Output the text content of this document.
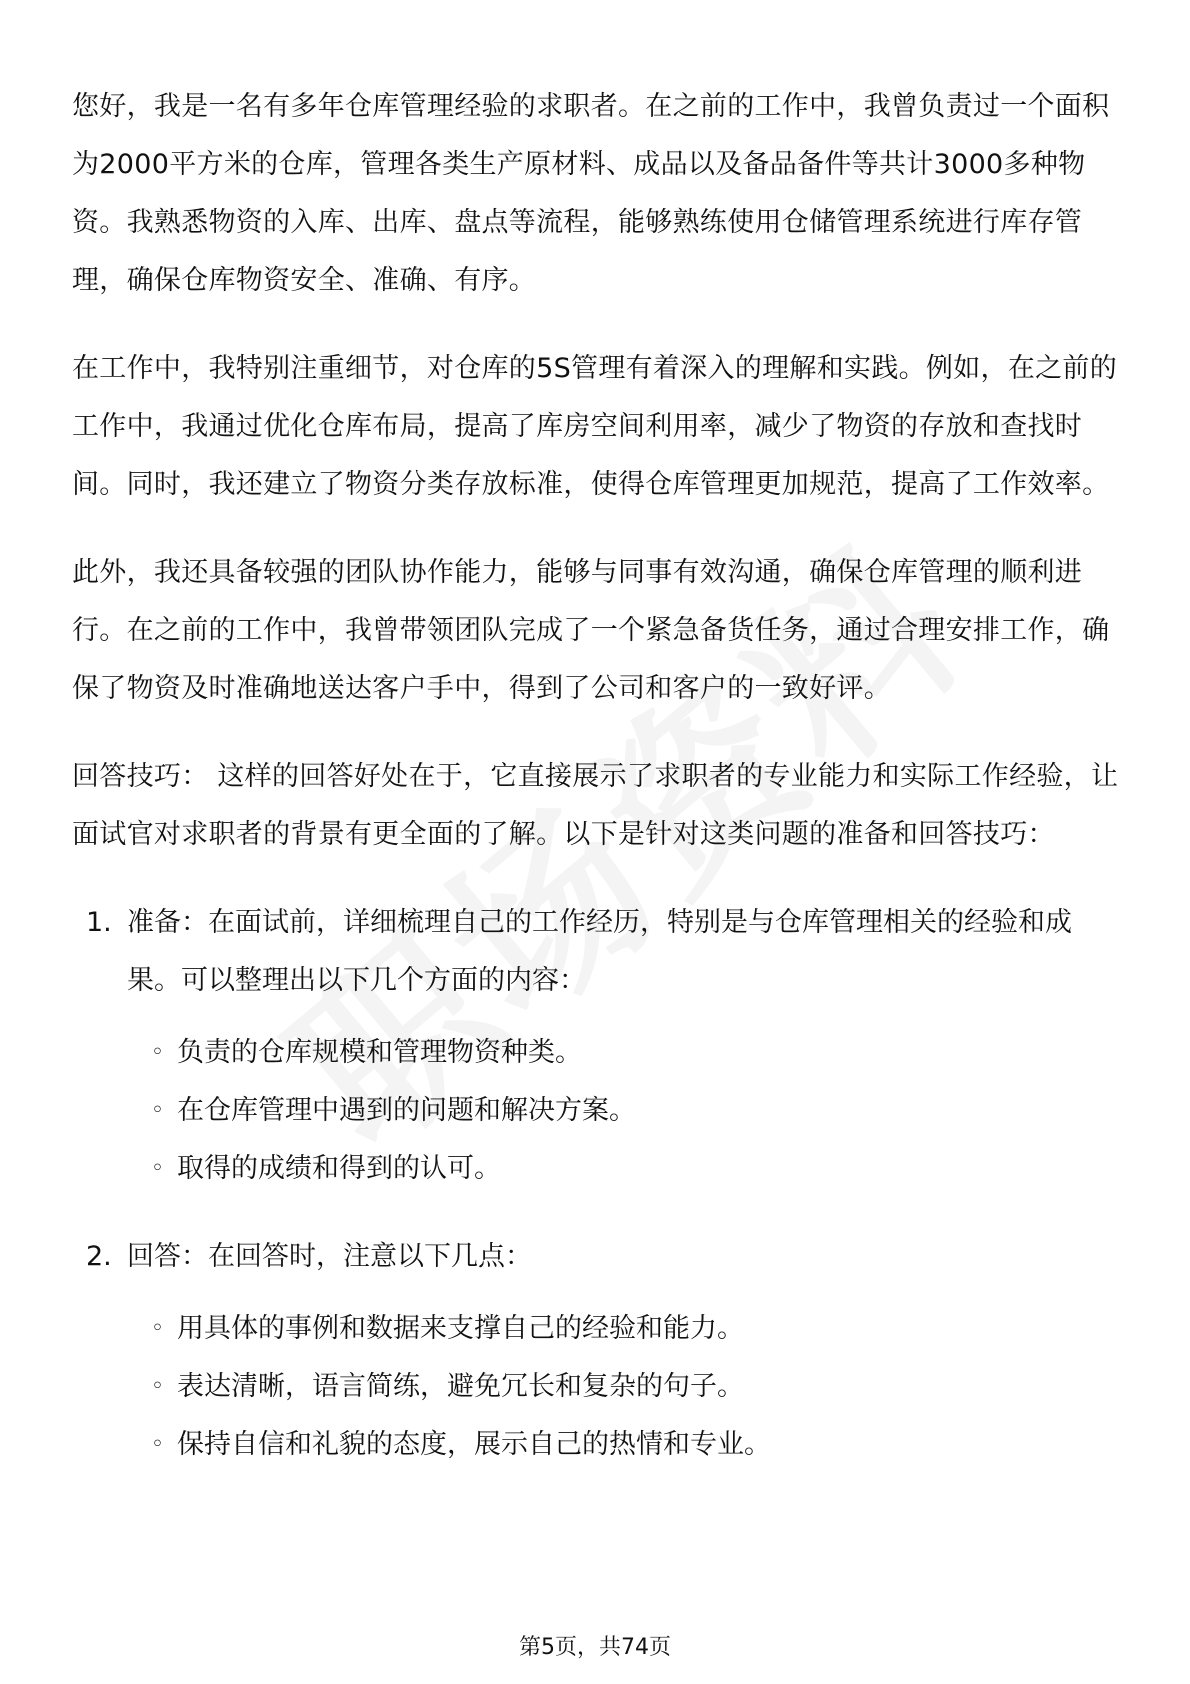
您好，我是一名有多年仓库管理经验的求职者。在之前的工作中，我曾负责过一个面积为2000平方米的仓库，管理各类生产原材料、成品以及备品备件等共计3000多种物资。我熟悉物资的入库、出库、盘点等流程，能够熟练使用仓储管理系统进行库存管理，确保仓库物资安全、准确、有序。

在工作中，我特别注重细节，对仓库的5S管理有着深入的理解和实践。例如，在之前的工作中，我通过优化仓库布局，提高了库房空间利用率，减少了物资的存放和查找时间。同时，我还建立了物资分类存放标准，使得仓库管理更加规范，提高了工作效率。

此外，我还具备较强的团队协作能力，能够与同事有效沟通，确保仓库管理的顺利进行。在之前的工作中，我曾带领团队完成了一个紧急备货任务，通过合理安排工作，确保了物资及时准确地送达客户手中，得到了公司和客户的一致好评。

回答技巧： 这样的回答好处在于，它直接展示了求职者的专业能力和实际工作经验，让面试官对求职者的背景有更全面的了解。以下是针对这类问题的准备和回答技巧：

1. 准备：在面试前，详细梳理自己的工作经历，特别是与仓库管理相关的经验和成果。可以整理出以下几个方面的内容：
◦ 负责的仓库规模和管理物资种类。
◦ 在仓库管理中遇到的问题和解决方案。
◦ 取得的成绩和得到的认可。
2. 回答：在回答时，注意以下几点：
◦ 用具体的事例和数据来支撑自己的经验和能力。
◦ 表达清晰，语言简练，避免冗长和复杂的句子。
◦ 保持自信和礼貌的态度，展示自己的热情和专业。
第5页，共74页
